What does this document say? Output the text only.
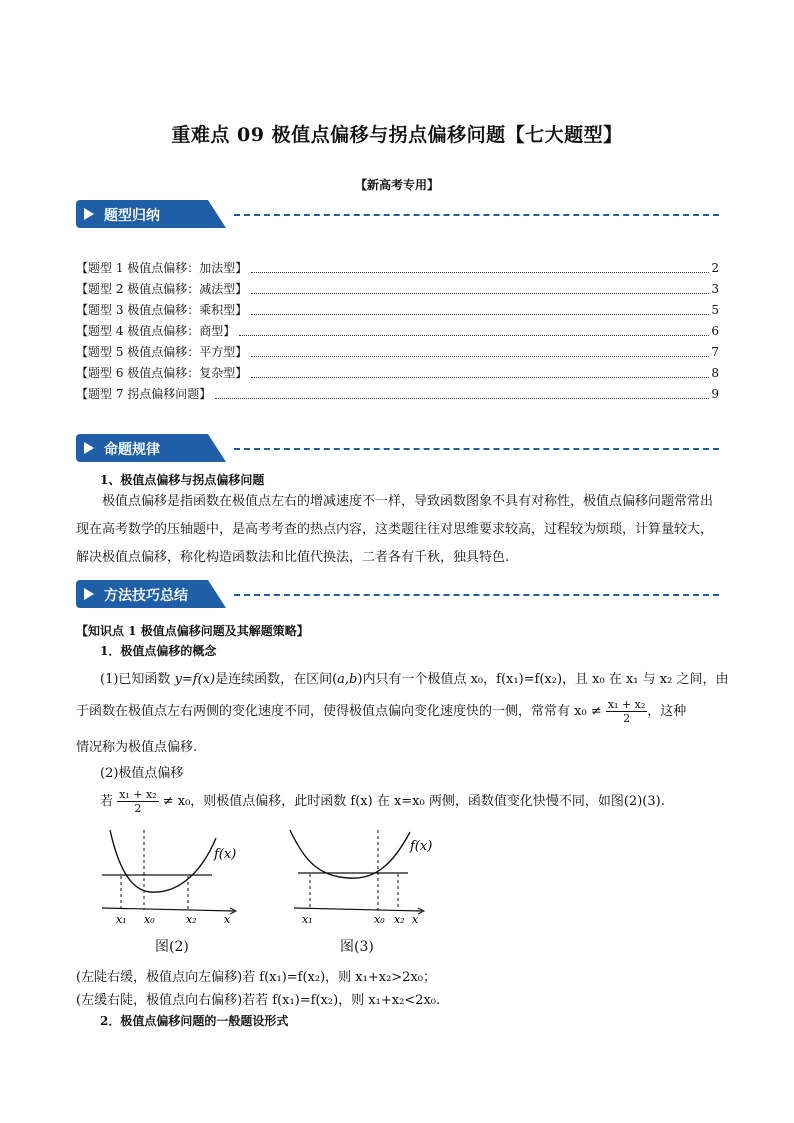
重难点 09 极值点偏移与拐点偏移问题【七大题型】
【新高考专用】
题型归纳
【题型 1 极值点偏移：加法型】	2
【题型 2 极值点偏移：减法型】	3
【题型 3 极值点偏移：乘积型】	5
【题型 4 极值点偏移：商型】	6
【题型 5 极值点偏移：平方型】	7
【题型 6 极值点偏移：复杂型】	8
【题型 7 拐点偏移问题】	9
命题规律
1、极值点偏移与拐点偏移问题
极值点偏移是指函数在极值点左右的增减速度不一样，导致函数图象不具有对称性，极值点偏移问题常常出现在高考数学的压轴题中，是高考考查的热点内容，这类题往往对思维要求较高，过程较为烦琐，计算量较大，解决极值点偏移，称化构造函数法和比值代换法，二者各有千秋，独具特色.
方法技巧总结
【知识点 1 极值点偏移问题及其解题策略】
1．极值点偏移的概念
(1)已知函数 y=f(x)是连续函数，在区间(a,b)内只有一个极值点 x₀，f(x₁)=f(x₂)，且 x₀ 在 x₁ 与 x₂ 之间，由
于函数在极值点左右两侧的变化速度不同，使得极值点偏向变化速度快的一侧，常常有 $x_0 \ne \frac{\text{x₁ + x₂}}{2}$ ，这种
情况称为极值点偏移.
(2)极值点偏移
若 $\frac{\text{x₁ + x₂}}{2} \ne x_0$，则极值点偏移，此时函数 f(x) 在 x=x₀ 两侧，函数值变化快慢不同，如图(2)(3).
f(x)
x₁ x₀	x₂ x
图(2)
f(x)
x₁	x₀ x₂ x
图(3)
(左陡右缓，极值点向左偏移)若 f(x₁)=f(x₂)，则 x₁+x₂>2x₀；
(左缓右陡，极值点向右偏移)若若 f(x₁)=f(x₂)，则 x₁+x₂<2x₀.
2．极值点偏移问题的一般题设形式
